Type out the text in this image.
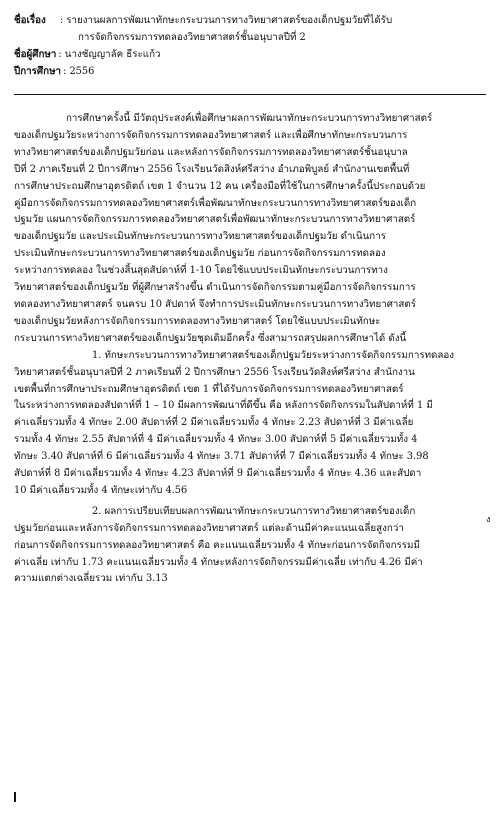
ชื่อเรื่อง : รายงานผลการพัฒนาทักษะกระบวนการทางวิทยาศาสตร์ของเด็กปฐมวัยที่ได้รับ
การจัดกิจกรรมการทดลองวิทยาศาสตร์ชั้นอนุบาลปีที่ 2
ชื่อผู้ศึกษา : นางชัญญาลัค ธีระแก้ว
ปีการศึกษา : 2556
การศึกษาครั้งนี้ มีวัตถุประสงค์เพื่อศึกษาผลการพัฒนาทักษะกระบวนการทางวิทยาศาสตร์
ของเด็กปฐมวัยระหว่างการจัดกิจกรรมการทดลองวิทยาศาสตร์ และเพื่อศึกษาทักษะกระบวนการ
ทางวิทยาศาสตร์ของเด็กปฐมวัยก่อน และหลังการจัดกิจกรรมการทดลองวิทยาศาสตร์ชั้นอนุบาล
ปีที่ 2 ภาคเรียนที่ 2 ปีการศึกษา 2556 โรงเรียนวัดสิงห์ศรีสว่าง อำเภอพิบูลย์ สำนักงานเขตพื้นที่
การศึกษาประถมศึกษาอุตรดิตถ์ เขต 1 จำนวน 12 คน เครื่องมือที่ใช้ในการศึกษาครั้งนี้ประกอบด้วย
คู่มือการจัดกิจกรรมการทดลองวิทยาศาสตร์เพื่อพัฒนาทักษะกระบวนการทางวิทยาศาสตร์ของเด็ก
ปฐมวัย แผนการจัดกิจกรรมการทดลองวิทยาศาสตร์เพื่อพัฒนาทักษะกระบวนการทางวิทยาศาสตร์
ของเด็กปฐมวัย และประเมินทักษะกระบวนการทางวิทยาศาสตร์ของเด็กปฐมวัย ดำเนินการ
ประเมินทักษะกระบวนการทางวิทยาศาสตร์ของเด็กปฐมวัย ก่อนการจัดกิจกรรมการทดลอง
ระหว่างการทดลอง ในช่วงสิ้นสุดสัปดาห์ที่ 1-10 โดยใช้แบบประเมินทักษะกระบวนการทาง
วิทยาศาสตร์ของเด็กปฐมวัย ที่ผู้ศึกษาสร้างขึ้น ดำเนินการจัดกิจกรรมตามคู่มือการจัดกิจกรรมการ
ทดลองทางวิทยาศาสตร์ จนครบ 10 สัปดาห์ จึงทำการประเมินทักษะกระบวนการทางวิทยาศาสตร์
ของเด็กปฐมวัยหลังการจัดกิจกรรมการทดลองทางวิทยาศาสตร์ โดยใช้แบบประเมินทักษะ
กระบวนการทางวิทยาศาสตร์ของเด็กปฐมวัยชุดเดิมอีกครั้ง ซึ่งสามารถสรุปผลการศึกษาได้ ดังนี้
1. ทักษะกระบวนการทางวิทยาศาสตร์ของเด็กปฐมวัยระหว่างการจัดกิจกรรมการทดลอง
วิทยาศาสตร์ชั้นอนุบาลปีที่ 2 ภาคเรียนที่ 2 ปีการศึกษา 2556 โรงเรียนวัดสิงห์ศรีสว่าง สำนักงาน
เขตพื้นที่การศึกษาประถมศึกษาอุตรดิตถ์ เขต 1 ที่ได้รับการจัดกิจกรรมการทดลองวิทยาศาสตร์
ในระหว่างการทดลองสัปดาห์ที่ 1 – 10 มีผลการพัฒนาที่ดีขึ้น คือ หลังการจัดกิจกรรมในสัปดาห์ที่ 1 มี
ค่าเฉลี่ยรวมทั้ง 4 ทักษะ 2.00 สัปดาห์ที่ 2 มีค่าเฉลี่ยรวมทั้ง 4 ทักษะ 2.23 สัปดาห์ที่ 3 มีค่าเฉลี่ย
รวมทั้ง 4 ทักษะ 2.55 สัปดาห์ที่ 4 มีค่าเฉลี่ยรวมทั้ง 4 ทักษะ 3.00 สัปดาห์ที่ 5 มีค่าเฉลี่ยรวมทั้ง 4
ทักษะ 3.40 สัปดาห์ที่ 6 มีค่าเฉลี่ยรวมทั้ง 4 ทักษะ 3.71 สัปดาห์ที่ 7 มีค่าเฉลี่ยรวมทั้ง 4 ทักษะ 3.98
สัปดาห์ที่ 8 มีค่าเฉลี่ยรวมทั้ง 4 ทักษะ 4.23 สัปดาห์ที่ 9 มีค่าเฉลี่ยรวมทั้ง 4 ทักษะ 4.36 และสัปดา
10 มีค่าเฉลี่ยรวมทั้ง 4 ทักษะเท่ากับ 4.56
2. ผลการเปรียบเทียบผลการพัฒนาทักษะกระบวนการทางวิทยาศาสตร์ของเด็ก
ปฐมวัยก่อนและหลังการจัดกิจกรรมการทดลองวิทยาศาสตร์ แต่ละด้านมีค่าคะแนนเฉลี่ยสูงกว่า
ก่อนการจัดกิจกรรมการทดลองวิทยาศาสตร์ คือ คะแนนเฉลี่ยรวมทั้ง 4 ทักษะก่อนการจัดกิจกรรมมี
ค่าเฉลี่ย เท่ากับ 1.73 คะแนนเฉลี่ยรวมทั้ง 4 ทักษะหลังการจัดกิจกรรมมีค่าเฉลี่ย เท่ากับ 4.26 มีค่า
ความแตกต่างเฉลี่ยรวม เท่ากับ 3.13
ง
